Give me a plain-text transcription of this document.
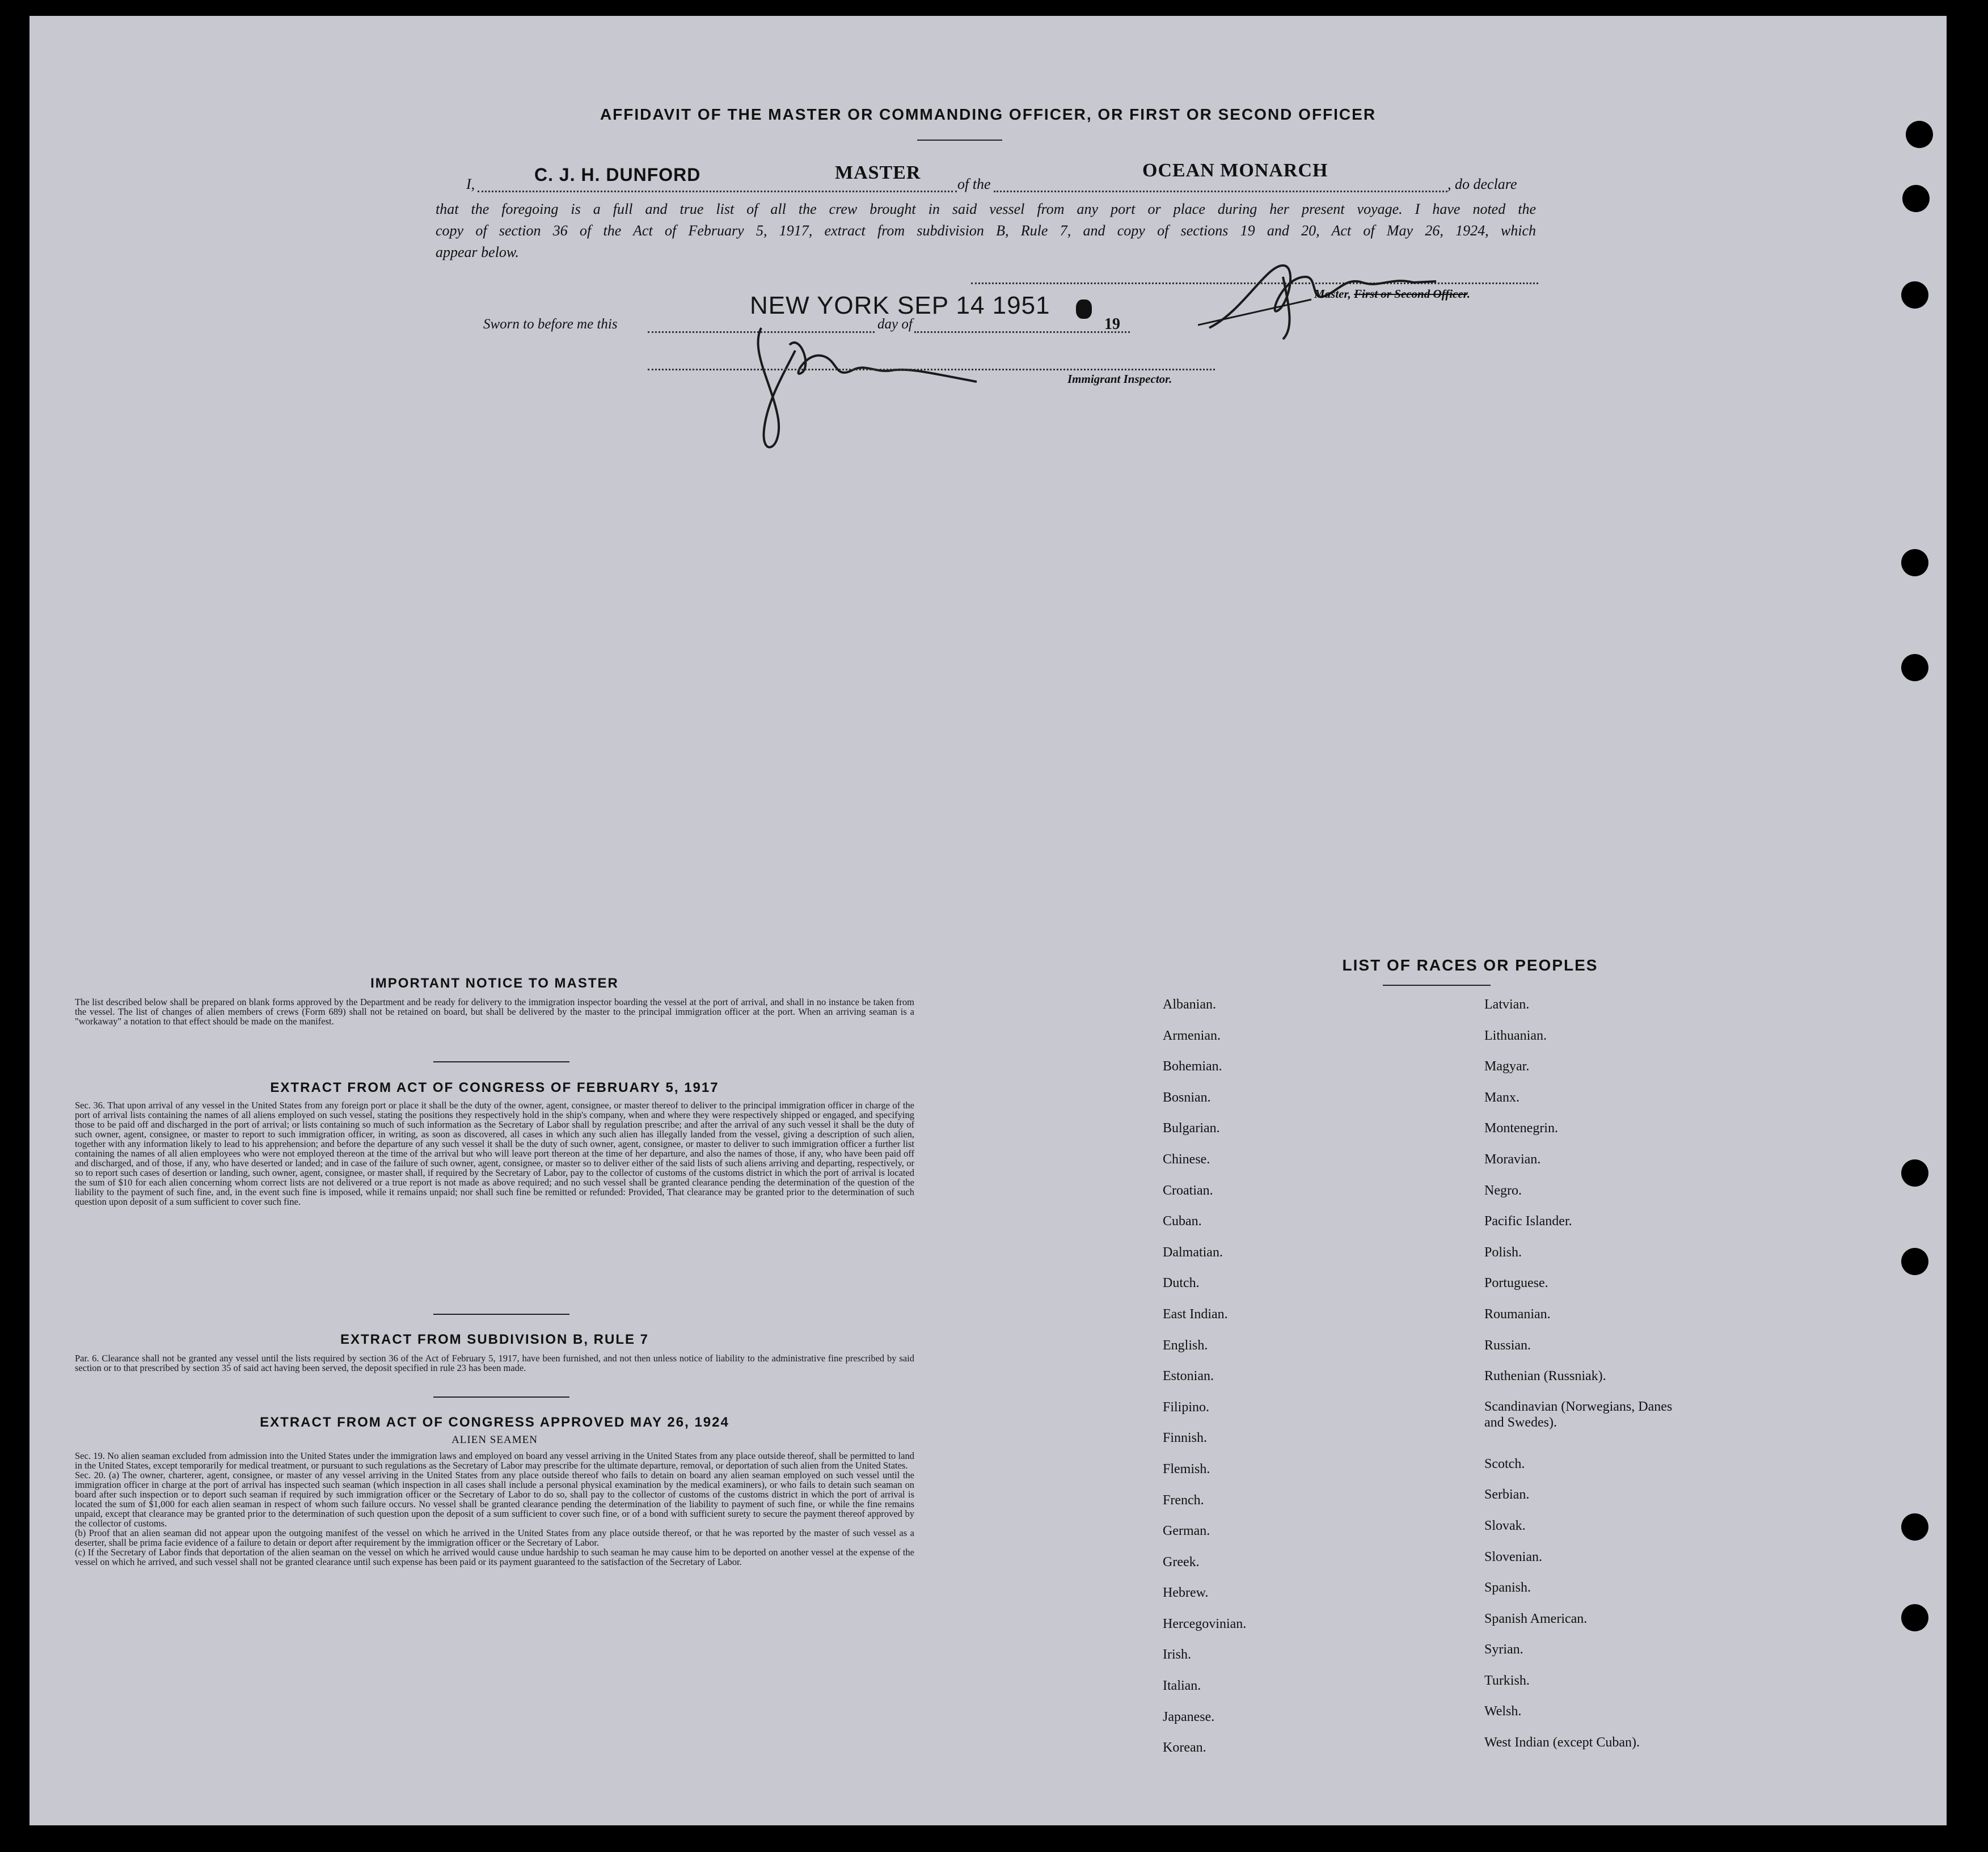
AFFIDAVIT OF THE MASTER OR COMMANDING OFFICER, OR FIRST OR SECOND OFFICER
I,	C. J. H. DUNFORD	MASTER
of the
OCEAN MONARCH
, do declare
that the foregoing is a full and true list of all the crew brought in said vessel from any port or place during her present voyage. I have noted the
copy of section 36 of the Act of February 5, 1917, extract from subdivision B, Rule 7, and copy of sections 19 and 20, Act of May 26, 1924, which
appear below.
Master, First or Second Officer.
Sworn to before me this
NEW YORK SEP 14 1951
day of	19
Immigrant Inspector.
IMPORTANT NOTICE TO MASTER
The list described below shall be prepared on blank forms approved by the Department and be ready for delivery to the immigration inspector boarding the vessel at the port of arrival, and shall in no instance be taken from the vessel. The list of changes of alien members of crews (Form 689) shall not be retained on board, but shall be delivered by the master to the principal immigration officer at the port. When an arriving seaman is a "workaway" a notation to that effect should be made on the manifest.
EXTRACT FROM ACT OF CONGRESS OF FEBRUARY 5, 1917
Sec. 36. That upon arrival of any vessel in the United States from any foreign port or place it shall be the duty of the owner, agent, consignee, or master thereof to deliver to the principal immigration officer in charge of the port of arrival lists containing the names of all aliens employed on such vessel, stating the positions they respectively hold in the ship's company, when and where they were respectively shipped or engaged, and specifying those to be paid off and discharged in the port of arrival; or lists containing so much of such information as the Secretary of Labor shall by regulation prescribe; and after the arrival of any such vessel it shall be the duty of such owner, agent, consignee, or master to report to such immigration officer, in writing, as soon as discovered, all cases in which any such alien has illegally landed from the vessel, giving a description of such alien, together with any information likely to lead to his apprehension; and before the departure of any such vessel it shall be the duty of such owner, agent, consignee, or master to deliver to such immigration officer a further list containing the names of all alien employees who were not employed thereon at the time of the arrival but who will leave port thereon at the time of her departure, and also the names of those, if any, who have been paid off and discharged, and of those, if any, who have deserted or landed; and in case of the failure of such owner, agent, consignee, or master so to deliver either of the said lists of such aliens arriving and departing, respectively, or so to report such cases of desertion or landing, such owner, agent, consignee, or master shall, if required by the Secretary of Labor, pay to the collector of customs of the customs district in which the port of arrival is located the sum of $10 for each alien concerning whom correct lists are not delivered or a true report is not made as above required; and no such vessel shall be granted clearance pending the determination of the question of the liability to the payment of such fine, and, in the event such fine is imposed, while it remains unpaid; nor shall such fine be remitted or refunded: Provided, That clearance may be granted prior to the determination of such question upon deposit of a sum sufficient to cover such fine.
EXTRACT FROM SUBDIVISION B, RULE 7
Par. 6. Clearance shall not be granted any vessel until the lists required by section 36 of the Act of February 5, 1917, have been furnished, and not then unless notice of liability to the administrative fine prescribed by said section or to that prescribed by section 35 of said act having been served, the deposit specified in rule 23 has been made.
EXTRACT FROM ACT OF CONGRESS APPROVED MAY 26, 1924
ALIEN SEAMEN
Sec. 19. No alien seaman excluded from admission into the United States under the immigration laws and employed on board any vessel arriving in the United States from any place outside thereof, shall be permitted to land in the United States, except temporarily for medical treatment, or pursuant to such regulations as the Secretary of Labor may prescribe for the ultimate departure, removal, or deportation of such alien from the United States.
Sec. 20. (a) The owner, charterer, agent, consignee, or master of any vessel arriving in the United States from any place outside thereof who fails to detain on board any alien seaman employed on such vessel until the immigration officer in charge at the port of arrival has inspected such seaman (which inspection in all cases shall include a personal physical examination by the medical examiners), or who fails to detain such seaman on board after such inspection or to deport such seaman if required by such immigration officer or the Secretary of Labor to do so, shall pay to the collector of customs of the customs district in which the port of arrival is located the sum of $1,000 for each alien seaman in respect of whom such failure occurs. No vessel shall be granted clearance pending the determination of the liability to payment of such fine, or while the fine remains unpaid, except that clearance may be granted prior to the determination of such question upon the deposit of a sum sufficient to cover such fine, or of a bond with sufficient surety to secure the payment thereof approved by the collector of customs.
(b) Proof that an alien seaman did not appear upon the outgoing manifest of the vessel on which he arrived in the United States from any place outside thereof, or that he was reported by the master of such vessel as a deserter, shall be prima facie evidence of a failure to detain or deport after requirement by the immigration officer or the Secretary of Labor.
(c) If the Secretary of Labor finds that deportation of the alien seaman on the vessel on which he arrived would cause undue hardship to such seaman he may cause him to be deported on another vessel at the expense of the vessel on which he arrived, and such vessel shall not be granted clearance until such expense has been paid or its payment guaranteed to the satisfaction of the Secretary of Labor.
LIST OF RACES OR PEOPLES
Albanian.
Armenian.
Bohemian.
Bosnian.
Bulgarian.
Chinese.
Croatian.
Cuban.
Dalmatian.
Dutch.
East Indian.
English.
Estonian.
Filipino.
Finnish.
Flemish.
French.
German.
Greek.
Hebrew.
Hercegovinian.
Irish.
Italian.
Japanese.
Korean.
Latvian.
Lithuanian.
Magyar.
Manx.
Montenegrin.
Moravian.
Negro.
Pacific Islander.
Polish.
Portuguese.
Roumanian.
Russian.
Ruthenian (Russniak).
Scandinavian (Norwegians, Danes and Swedes).
Scotch.
Serbian.
Slovak.
Slovenian.
Spanish.
Spanish American.
Syrian.
Turkish.
Welsh.
West Indian (except Cuban).
